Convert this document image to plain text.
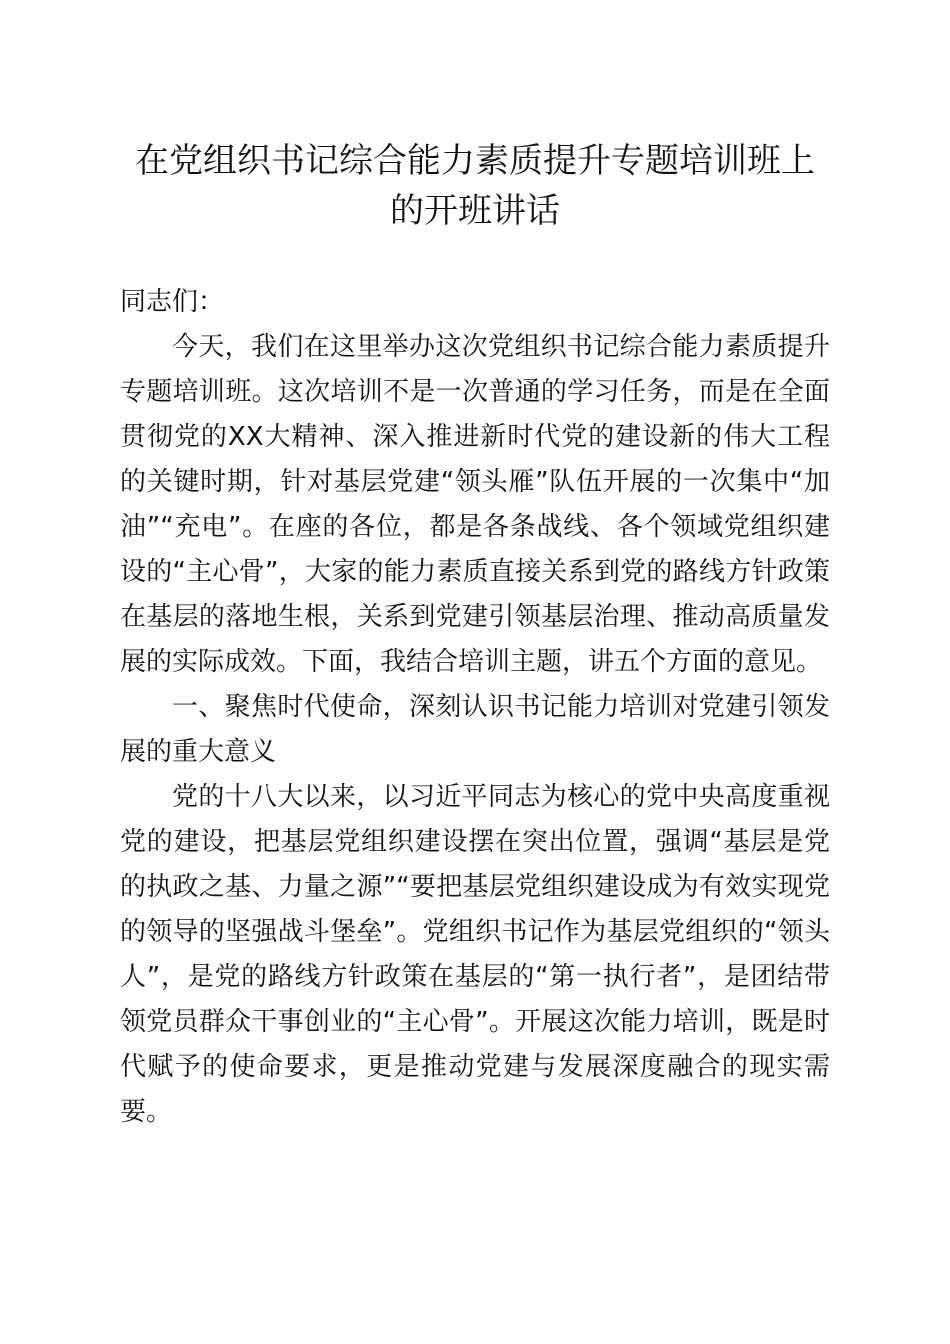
在党组织书记综合能力素质提升专题培训班上
的开班讲话

同志们：

今天，我们在这里举办这次党组织书记综合能力素质提升专题培训班。这次培训不是一次普通的学习任务，而是在全面贯彻党的XX大精神、深入推进新时代党的建设新的伟大工程的关键时期，针对基层党建“领头雁”队伍开展的一次集中“加油”“充电”。在座的各位，都是各条战线、各个领域党组织建设的“主心骨”，大家的能力素质直接关系到党的路线方针政策在基层的落地生根，关系到党建引领基层治理、推动高质量发展的实际成效。下面，我结合培训主题，讲五个方面的意见。

一、聚焦时代使命，深刻认识书记能力培训对党建引领发展的重大意义

党的十八大以来，以习近平同志为核心的党中央高度重视党的建设，把基层党组织建设摆在突出位置，强调“基层是党的执政之基、力量之源”“要把基层党组织建设成为有效实现党的领导的坚强战斗堡垒”。党组织书记作为基层党组织的“领头人”，是党的路线方针政策在基层的“第一执行者”，是团结带领党员群众干事创业的“主心骨”。开展这次能力培训，既是时代赋予的使命要求，更是推动党建与发展深度融合的现实需要。
